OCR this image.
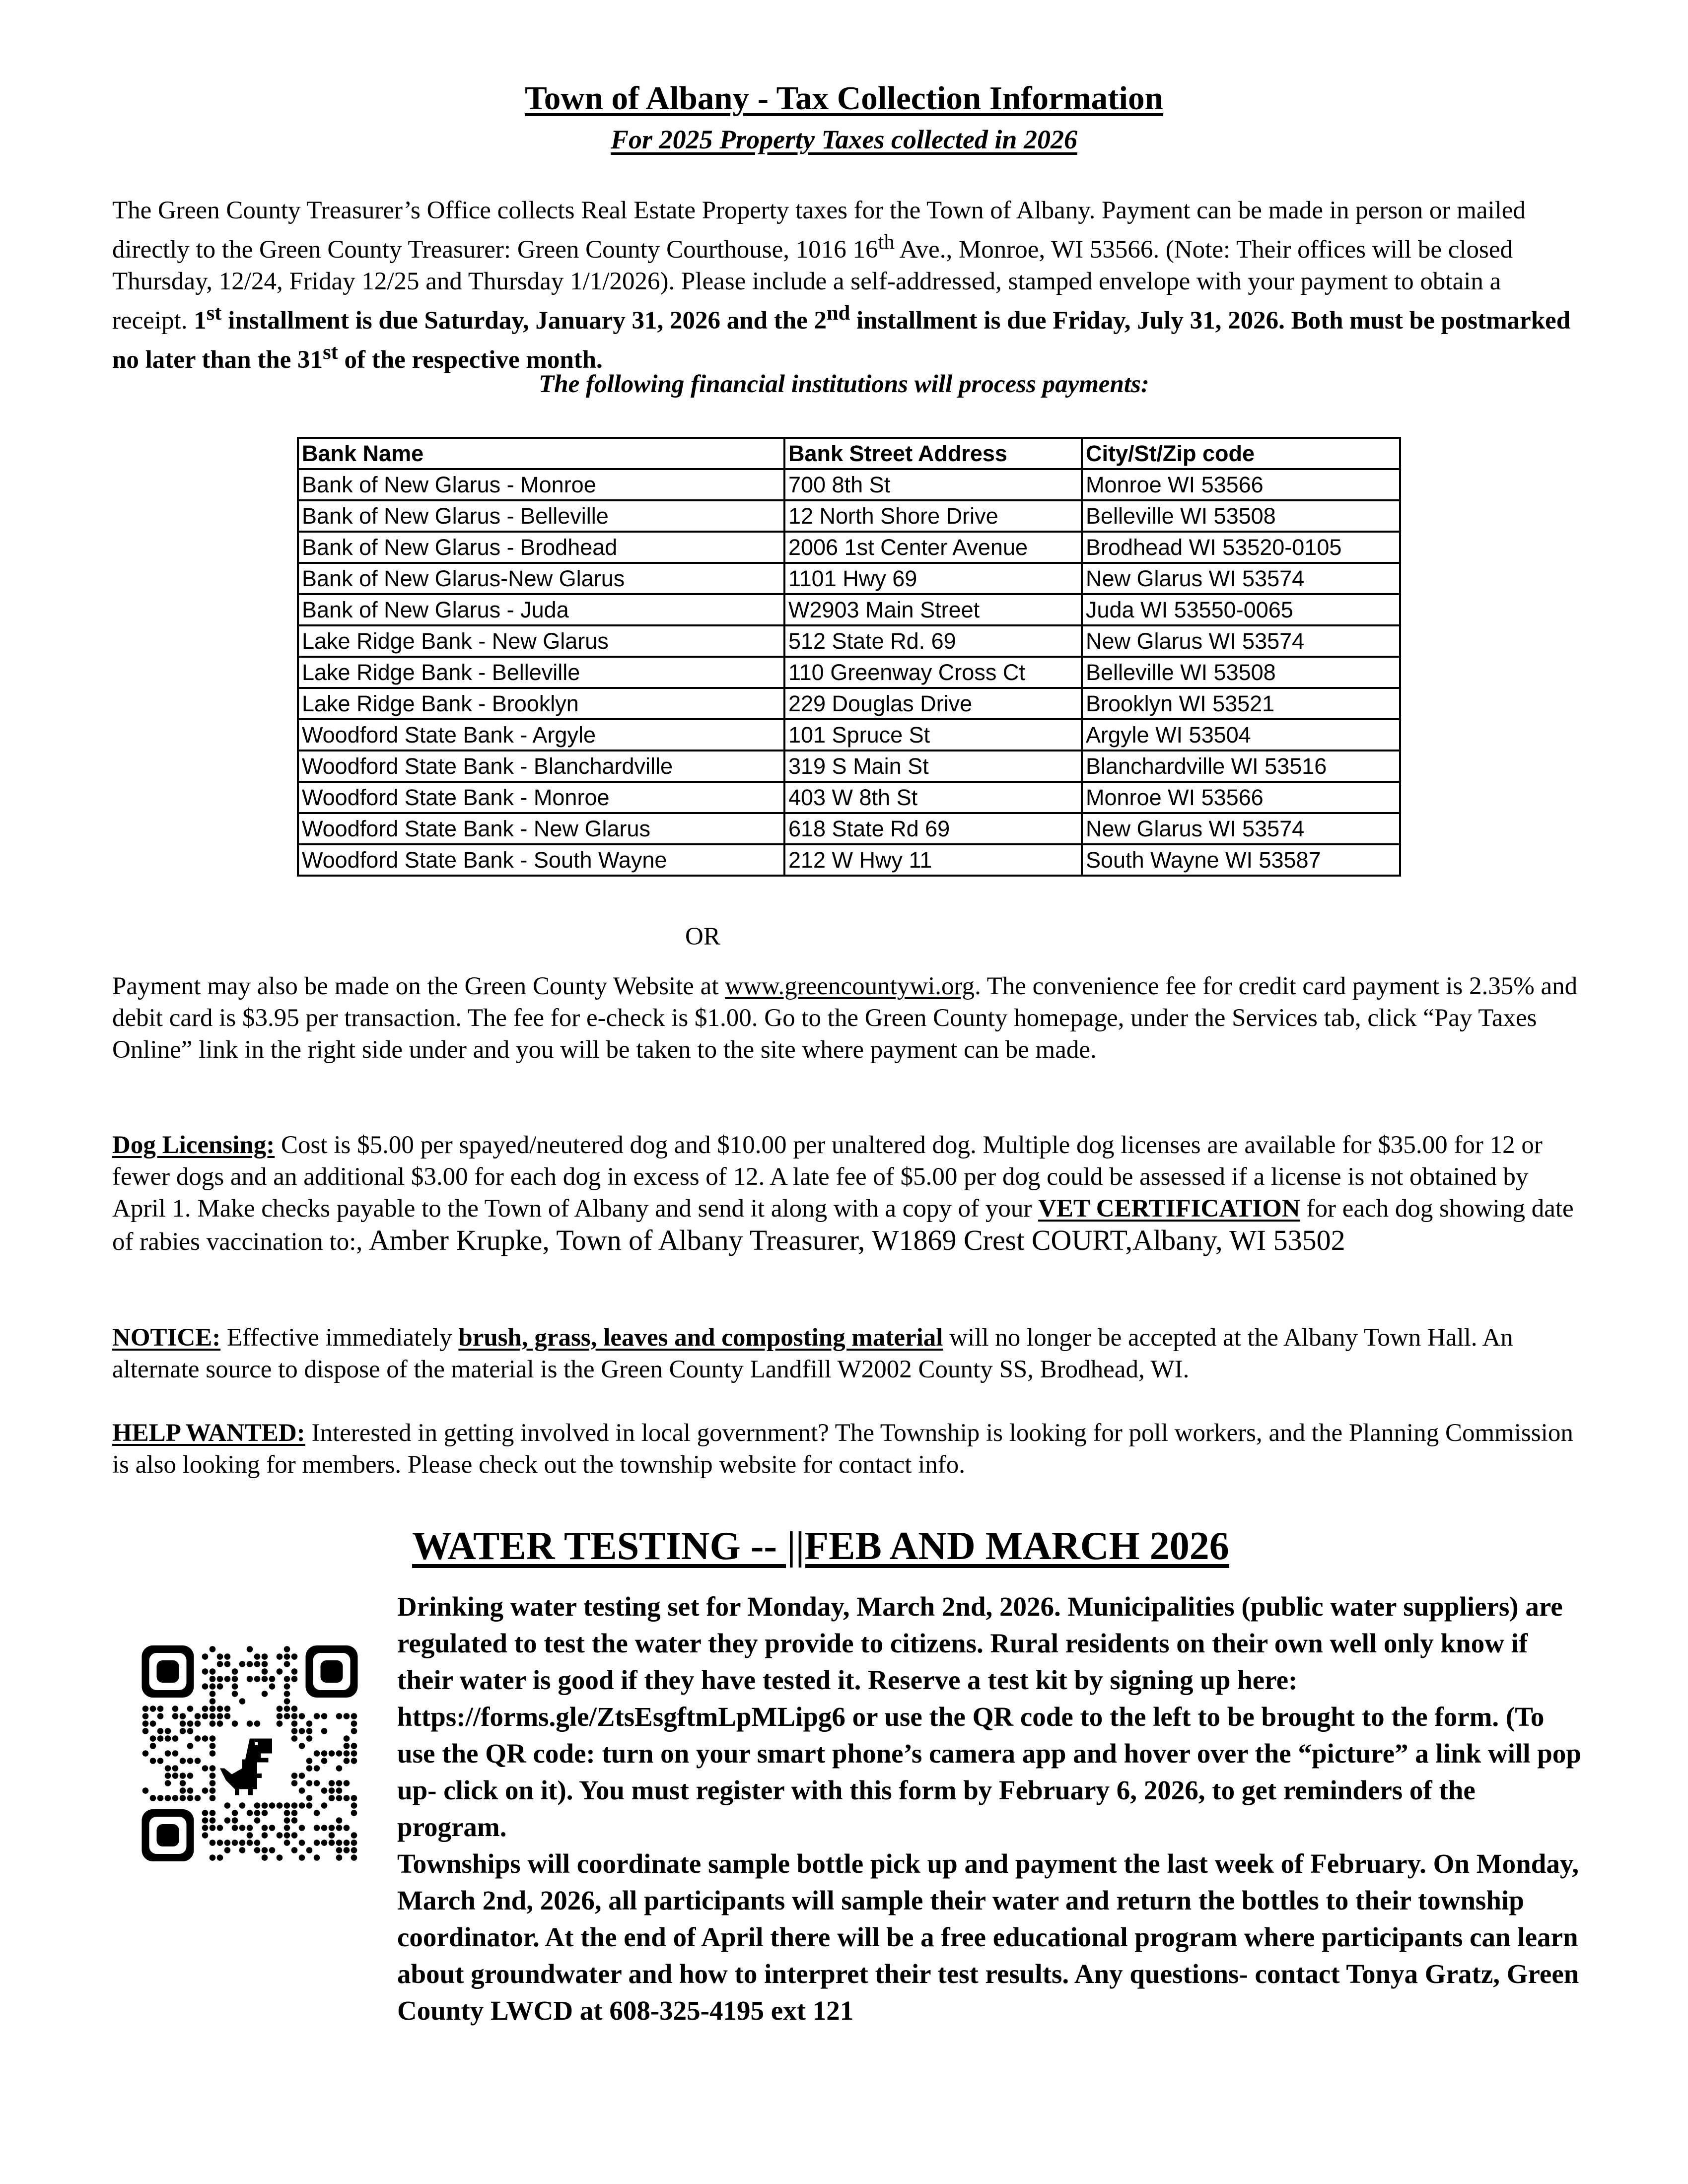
Town of Albany - Tax Collection Information
For 2025 Property Taxes collected in 2026
The Green County Treasurer’s Office collects Real Estate Property taxes for the Town of Albany. Payment can be made in person or mailed directly to the Green County Treasurer: Green County Courthouse, 1016 16th Ave., Monroe, WI 53566. (Note: Their offices will be closed Thursday, 12/24, Friday 12/25 and Thursday 1/1/2026). Please include a self-addressed, stamped envelope with your payment to obtain a receipt. 1st installment is due Saturday, January 31, 2026 and the 2nd installment is due Friday, July 31, 2026. Both must be postmarked no later than the 31st of the respective month.
The following financial institutions will process payments:
Bank Name	Bank Street Address	City/St/Zip code
Bank of New Glarus - Monroe	700 8th St	Monroe WI 53566
Bank of New Glarus - Belleville	12 North Shore Drive	Belleville WI 53508
Bank of New Glarus - Brodhead	2006 1st Center Avenue	Brodhead WI 53520-0105
Bank of New Glarus-New Glarus	1101 Hwy 69	New Glarus WI 53574
Bank of New Glarus - Juda	W2903 Main Street	Juda WI 53550-0065
Lake Ridge Bank - New Glarus	512 State Rd. 69	New Glarus WI 53574
Lake Ridge Bank - Belleville	110 Greenway Cross Ct	Belleville WI 53508
Lake Ridge Bank - Brooklyn	229 Douglas Drive	Brooklyn WI 53521
Woodford State Bank - Argyle	101 Spruce St	Argyle WI 53504
Woodford State Bank - Blanchardville	319 S Main St	Blanchardville WI 53516
Woodford State Bank - Monroe	403 W 8th St	Monroe WI 53566
Woodford State Bank - New Glarus	618 State Rd 69	New Glarus WI 53574
Woodford State Bank - South Wayne	212 W Hwy 11	South Wayne WI 53587
OR
Payment may also be made on the Green County Website at www.greencountywi.org. The convenience fee for credit card payment is 2.35% and debit card is $3.95 per transaction. The fee for e-check is $1.00. Go to the Green County homepage, under the Services tab, click “Pay Taxes Online” link in the right side under and you will be taken to the site where payment can be made.
Dog Licensing: Cost is $5.00 per spayed/neutered dog and $10.00 per unaltered dog. Multiple dog licenses are available for $35.00 for 12 or fewer dogs and an additional $3.00 for each dog in excess of 12. A late fee of $5.00 per dog could be assessed if a license is not obtained by April 1. Make checks payable to the Town of Albany and send it along with a copy of your VET CERTIFICATION for each dog showing date of rabies vaccination to:, Amber Krupke, Town of Albany Treasurer, W1869 Crest COURT,Albany, WI 53502
NOTICE: Effective immediately brush, grass, leaves and composting material will no longer be accepted at the Albany Town Hall. An alternate source to dispose of the material is the Green County Landfill W2002 County SS, Brodhead, WI.
HELP WANTED: Interested in getting involved in local government? The Township is looking for poll workers, and the Planning Commission is also looking for members. Please check out the township website for contact info.
WATER TESTING -- ||FEB AND MARCH 2026
Drinking water testing set for Monday, March 2nd, 2026. Municipalities (public water suppliers) are regulated to test the water they provide to citizens. Rural residents on their own well only know if their water is good if they have tested it. Reserve a test kit by signing up here: https://forms.gle/ZtsEsgftmLpMLipg6 or use the QR code to the left to be brought to the form. (To use the QR code: turn on your smart phone’s camera app and hover over the “picture” a link will pop up- click on it). You must register with this form by February 6, 2026, to get reminders of the program.
Townships will coordinate sample bottle pick up and payment the last week of February. On Monday, March 2nd, 2026, all participants will sample their water and return the bottles to their township coordinator. At the end of April there will be a free educational program where participants can learn about groundwater and how to interpret their test results. Any questions- contact Tonya Gratz, Green County LWCD at 608-325-4195 ext 121
